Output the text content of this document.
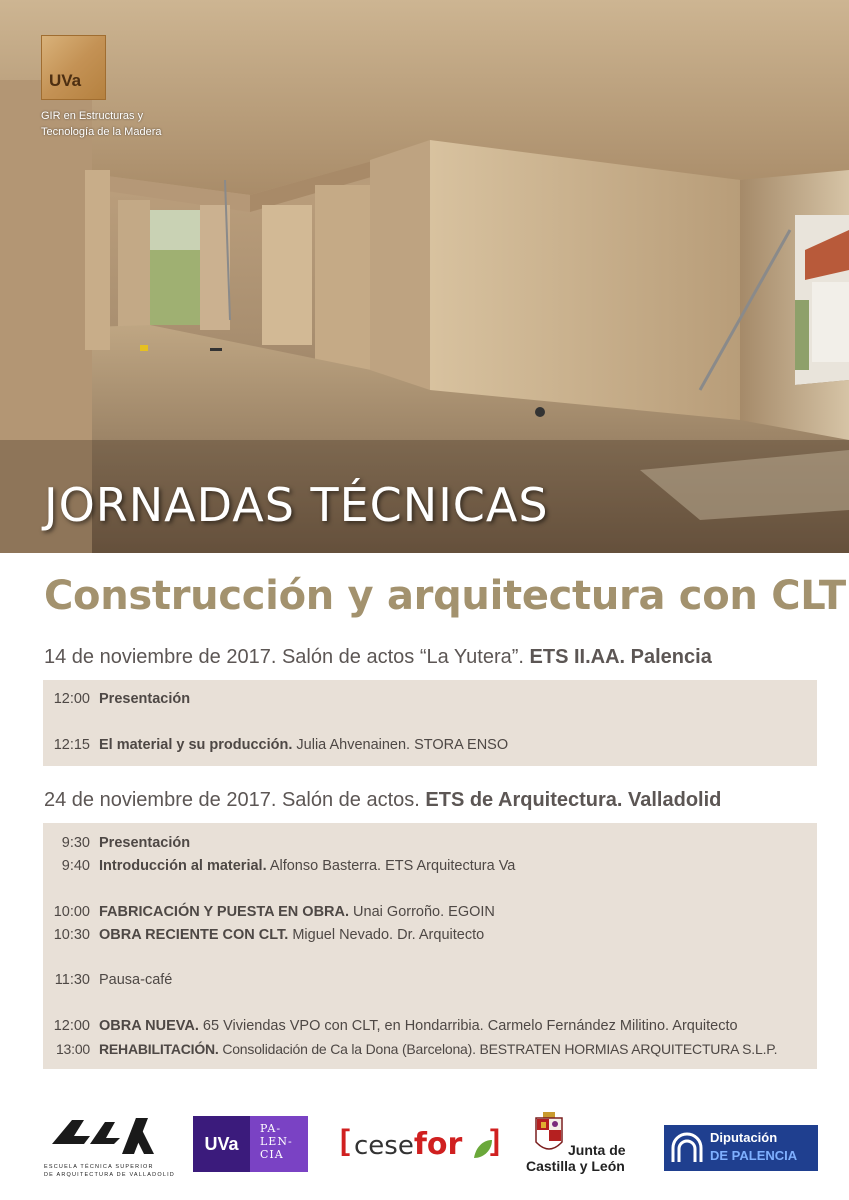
UVa
GIR en Estructuras y
Tecnología de la Madera
JORNADAS TÉCNICAS
Construcción y arquitectura con CLT
14 de noviembre de 2017. Salón de actos “La Yutera”. ETS II.AA. Palencia
12:00 Presentación
12:15 El material y su producción. Julia Ahvenainen. STORA ENSO
24 de noviembre de 2017. Salón de actos. ETS de Arquitectura. Valladolid
9:30 Presentación
9:40 Introducción al material. Alfonso Basterra. ETS Arquitectura Va
10:00 FABRICACIÓN Y PUESTA EN OBRA. Unai Gorroño. EGOIN
10:30 OBRA RECIENTE CON CLT. Miguel Nevado. Dr. Arquitecto
11:30 Pausa-café
12:00 OBRA NUEVA. 65 Viviendas VPO con CLT, en Hondarribia. Carmelo Fernández Militino. Arquitecto
13:00 REHABILITACIÓN. Consolidación de Ca la Dona (Barcelona). BESTRATEN HORMIAS ARQUITECTURA S.L.P.
ESCUELA TÉCNICA SUPERIOR
DE ARQUITECTURA DE VALLADOLID
UVa
PA-
LEN-
CIA	[ cesefor ]	Junta de
Castilla y León
Diputación
DE PALENCIA
